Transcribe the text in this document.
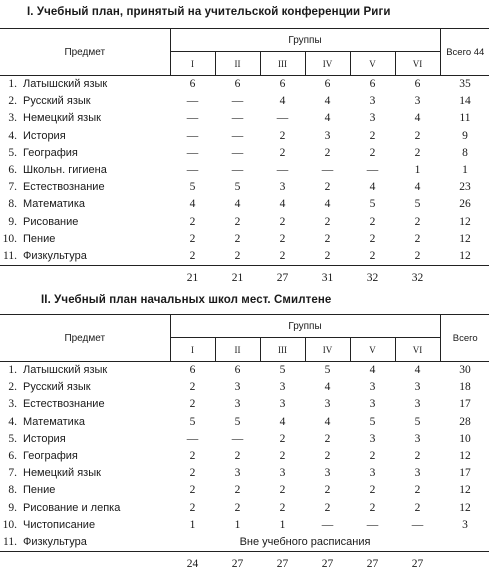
I. Учебный план, принятый на учительской конференции Риги
Предмет		Группы						Всего 44
		I	II	III	IV	V	VI	
1.	Латышский язык	6	6	6	6	6	6	35
2.	Русский язык	—	—	4	4	3	3	14
3.	Немецкий язык	—	—	—	4	3	4	11
4.	История	—	—	2	3	2	2	9
5.	География	—	—	2	2	2	2	8
6.	Школьн. гигиена	—	—	—	—	—	1	1
7.	Естествознание	5	5	3	2	4	4	23
8.	Математика	4	4	4	4	5	5	26
9.	Рисование	2	2	2	2	2	2	12
10.	Пение	2	2	2	2	2	2	12
11.	Физкультура	2	2	2	2	2	2	12
		21	21	27	31	32	32	
II. Учебный план начальных школ мест. Смилтене
Предмет		Группы						Всего
		I	II	III	IV	V	VI	
1.	Латышский язык	6	6	5	5	4	4	30
2.	Русский язык	2	3	3	4	3	3	18
3.	Естествознание	2	3	3	3	3	3	17
4.	Математика	5	5	4	4	5	5	28
5.	История	—	—	2	2	3	3	10
6.	География	2	2	2	2	2	2	12
7.	Немецкий язык	2	3	3	3	3	3	17
8.	Пение	2	2	2	2	2	2	12
9.	Рисование и лепка	2	2	2	2	2	2	12
10.	Чистописание	1	1	1	—	—	—	3
11.	Физкультура	Вне учебного расписания						
		24	27	27	27	27	27	
